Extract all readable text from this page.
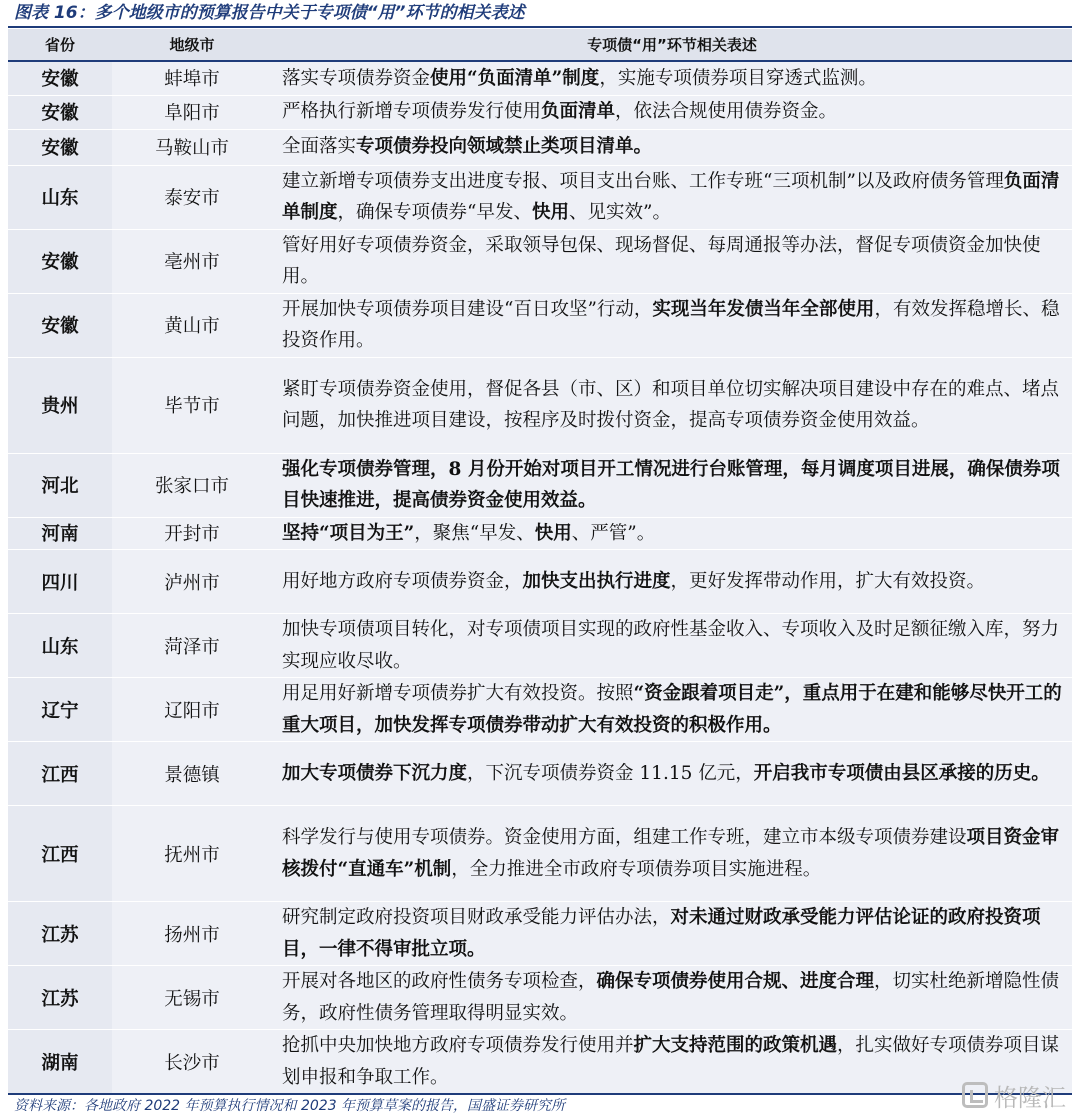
图表 16：多个地级市的预算报告中关于专项债“用”环节的相关表述
省份	地级市	专项债“用”环节相关表述
安徽	蚌埠市	落实专项债券资金使用“负面清单”制度，实施专项债券项目穿透式监测。
安徽	阜阳市	严格执行新增专项债券发行使用负面清单，依法合规使用债券资金。
安徽	马鞍山市	全面落实专项债券投向领域禁止类项目清单。
山东	泰安市	建立新增专项债券支出进度专报、项目支出台账、工作专班“三项机制”以及政府债务管理负面清单制度，确保专项债券“早发、快用、见实效”。
安徽	亳州市	管好用好专项债券资金，采取领导包保、现场督促、每周通报等办法，督促专项债资金加快使用。
安徽	黄山市	开展加快专项债券项目建设“百日攻坚”行动，实现当年发债当年全部使用，有效发挥稳增长、稳投资作用。
贵州	毕节市	紧盯专项债券资金使用，督促各县（市、区）和项目单位切实解决项目建设中存在的难点、堵点问题，加快推进项目建设，按程序及时拨付资金，提高专项债券资金使用效益。
河北	张家口市	强化专项债券管理，8 月份开始对项目开工情况进行台账管理，每月调度项目进展，确保债券项目快速推进，提高债券资金使用效益。
河南	开封市	坚持“项目为王”，聚焦“早发、快用、严管”。
四川	泸州市	用好地方政府专项债券资金，加快支出执行进度，更好发挥带动作用，扩大有效投资。
山东	菏泽市	加快专项债项目转化，对专项债项目实现的政府性基金收入、专项收入及时足额征缴入库，努力实现应收尽收。
辽宁	辽阳市	用足用好新增专项债券扩大有效投资。按照“资金跟着项目走”，重点用于在建和能够尽快开工的重大项目，加快发挥专项债券带动扩大有效投资的积极作用。
江西	景德镇	加大专项债券下沉力度，下沉专项债券资金 11.15 亿元，开启我市专项债由县区承接的历史。
江西	抚州市	科学发行与使用专项债券。资金使用方面，组建工作专班，建立市本级专项债券建设项目资金审核拨付“直通车”机制，全力推进全市政府专项债券项目实施进程。
江苏	扬州市	研究制定政府投资项目财政承受能力评估办法，对未通过财政承受能力评估论证的政府投资项目，一律不得审批立项。
江苏	无锡市	开展对各地区的政府性债务专项检查，确保专项债券使用合规、进度合理，切实杜绝新增隐性债务，政府性债务管理取得明显实效。
湖南	长沙市	抢抓中央加快地方政府专项债券发行使用并扩大支持范围的政策机遇，扎实做好专项债券项目谋划申报和争取工作。
资料来源：各地政府 2022 年预算执行情况和 2023 年预算草案的报告，国盛证券研究所	格隆汇
